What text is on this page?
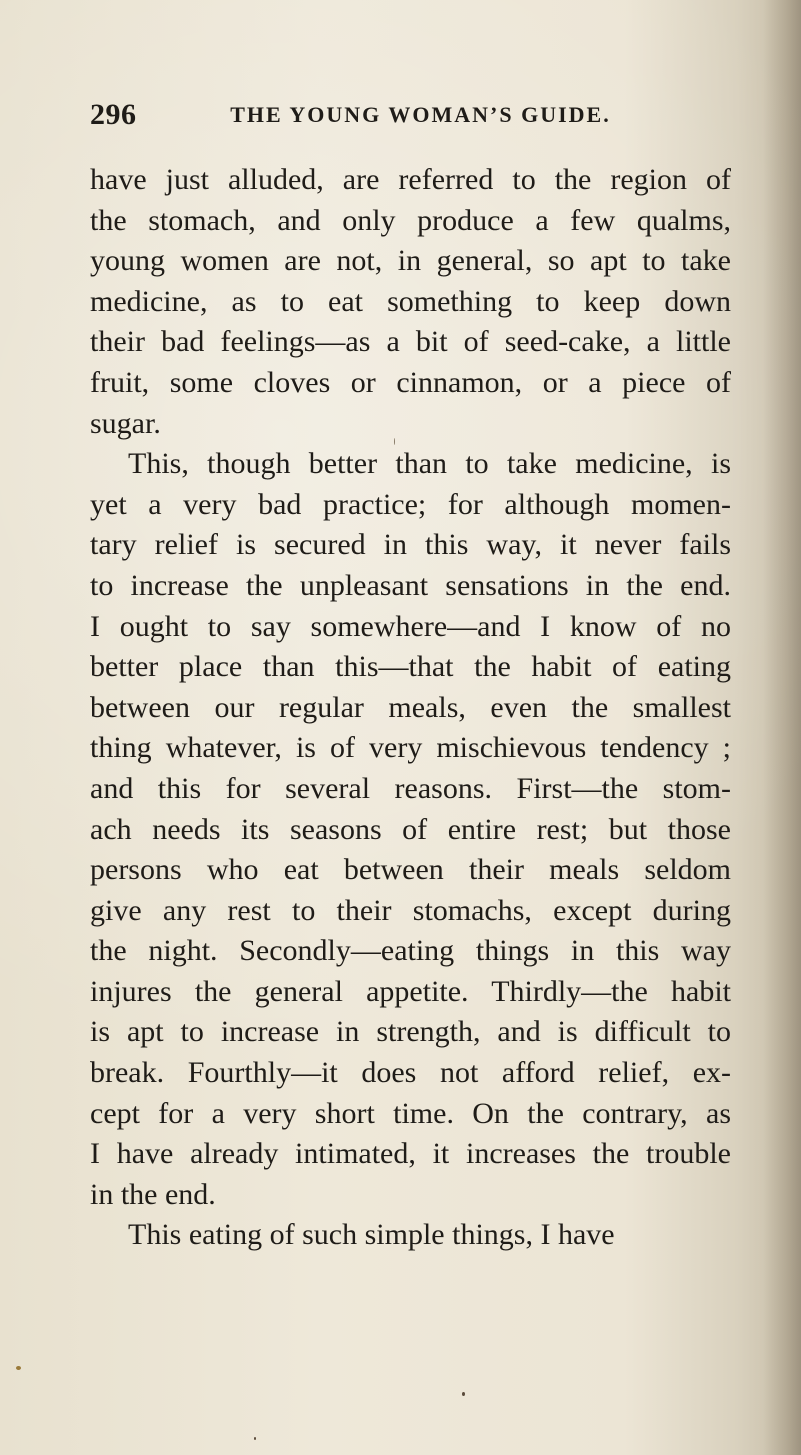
296	THE YOUNG WOMAN’S GUIDE.
have just alluded, are referred to the region of
the stomach, and only produce a few qualms,
young women are not, in general, so apt to take
medicine, as to eat something to keep down
their bad feelings—as a bit of seed-cake, a little
fruit, some cloves or cinnamon, or a piece of
sugar.
This, though better than to take medicine, is
yet a very bad practice; for although momen-
tary relief is secured in this way, it never fails
to increase the unpleasant sensations in the end.
I ought to say somewhere—and I know of no
better place than this—that the habit of eating
between our regular meals, even the smallest
thing whatever, is of very mischievous tendency ;
and this for several reasons. First—the stom-
ach needs its seasons of entire rest; but those
persons who eat between their meals seldom
give any rest to their stomachs, except during
the night. Secondly—eating things in this way
injures the general appetite. Thirdly—the habit
is apt to increase in strength, and is difficult to
break. Fourthly—it does not afford relief, ex-
cept for a very short time. On the contrary, as
I have already intimated, it increases the trouble
in the end.
This eating of such simple things, I have
